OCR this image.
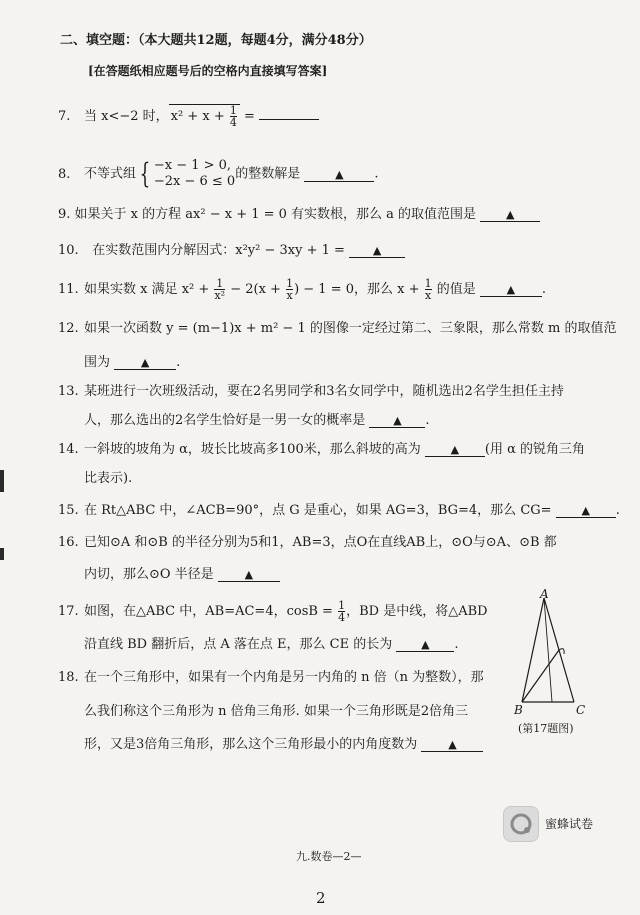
二、填空题：（本大题共12题，每题4分，满分48分）
[在答题纸相应题号后的空格内直接填写答案]
7. 当 x<−2 时， $x^2 + x + \frac{1}{4}$ =
8. 不等式组 { −x − 1 > 0,
−2x − 6 ≤ 0 的整数解是	▲ .
9. 如果关于 x 的方程 ax² − x + 1 = 0 有实数根，那么 a 的取值范围是	▲
10. 在实数范围内分解因式：x²y² − 3xy + 1 =	▲
11. 如果实数 x 满足 $x^2 + \frac{1}{\text{x²}} - 2(x + \frac{1}{x}$ ) − 1 = 0，那么 $x + \frac{1}{x}$ 的值是	▲ .
12. 如果一次函数 y = (m−1)x + m² − 1 的图像一定经过第二、三象限，那么常数 m 的取值范
围为	▲ .
13. 某班进行一次班级活动，要在2名男同学和3名女同学中，随机选出2名学生担任主持
人，那么选出的2名学生恰好是一男一女的概率是	▲ .
14. 一斜坡的坡角为 α，坡长比坡高多100米，那么斜坡的高为	▲ (用 α 的锐角三角
比表示).
15. 在 Rt△ABC 中，∠ACB=90°，点 G 是重心，如果 AG=3，BG=4，那么 CG=	▲ .
16. 已知⊙A 和⊙B 的半径分别为5和1，AB=3，点O在直线AB上，⊙O与⊙A、⊙B 都
内切，那么⊙O 半径是	▲
17. 如图，在△ABC 中，AB=AC=4，$\cos B = \frac{1}{4}$ ，BD 是中线，将△ABD
沿直线 BD 翻折后，点 A 落在点 E，那么 CE 的长为	▲ .
18. 在一个三角形中，如果有一个内角是另一内角的 n 倍（n 为整数），那
么我们称这个三角形为 n 倍角三角形. 如果一个三角形既是2倍角三
形，又是3倍角三角形，那么这个三角形最小的内角度数为	▲
A
B	C
(第17题图)
蜜蜂试卷
九.数卷—2—
2
